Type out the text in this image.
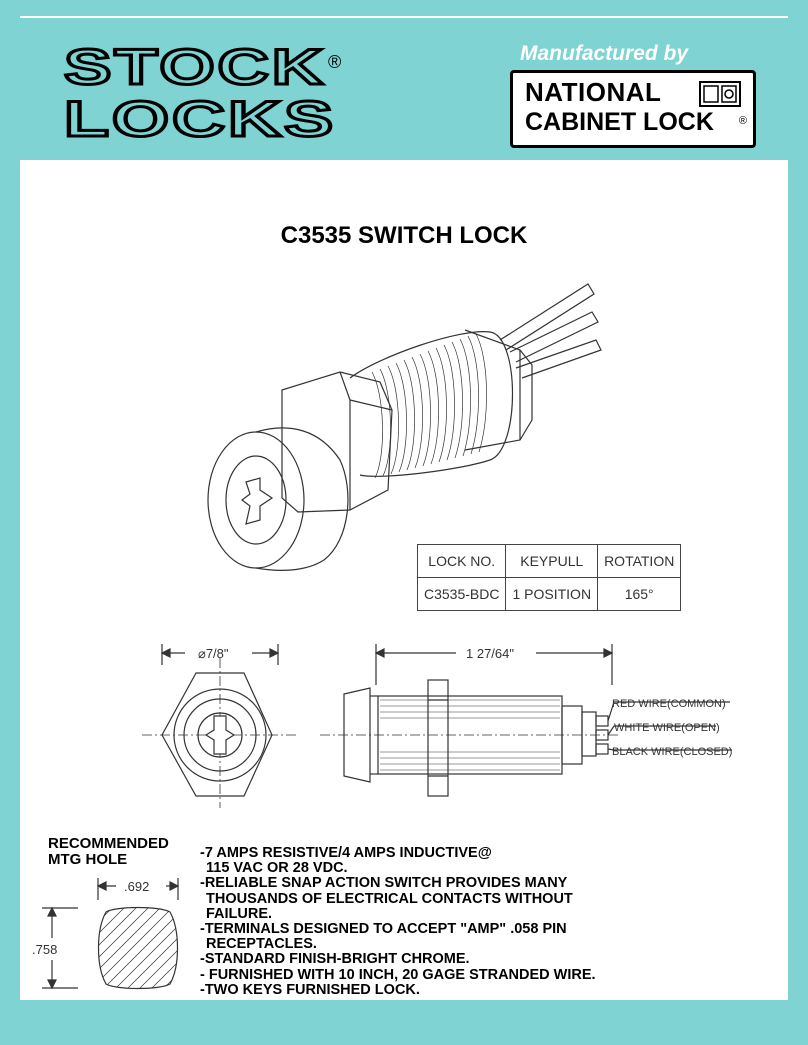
STOCK ®
LOCKS
Manufactured by
NATIONAL
CABINET LOCK ®
C3535 SWITCH LOCK
⌀7/8"	1 27/64"
.692
.758
RED WIRE(COMMON)
WHITE WIRE(OPEN)
BLACK WIRE(CLOSED)
LOCK NO.	KEYPULL	ROTATION
C3535-BDC	1 POSITION	165°
RECOMMENDED
MTG HOLE	-7 AMPS RESISTIVE/4 AMPS INDUCTIVE@
115 VAC OR 28 VDC.
-RELIABLE SNAP ACTION SWITCH PROVIDES MANY
THOUSANDS OF ELECTRICAL CONTACTS WITHOUT
FAILURE.
-TERMINALS DESIGNED TO ACCEPT "AMP" .058 PIN
RECEPTACLES.
-STANDARD FINISH-BRIGHT CHROME.
- FURNISHED WITH 10 INCH, 20 GAGE STRANDED WIRE.
-TWO KEYS FURNISHED LOCK.
